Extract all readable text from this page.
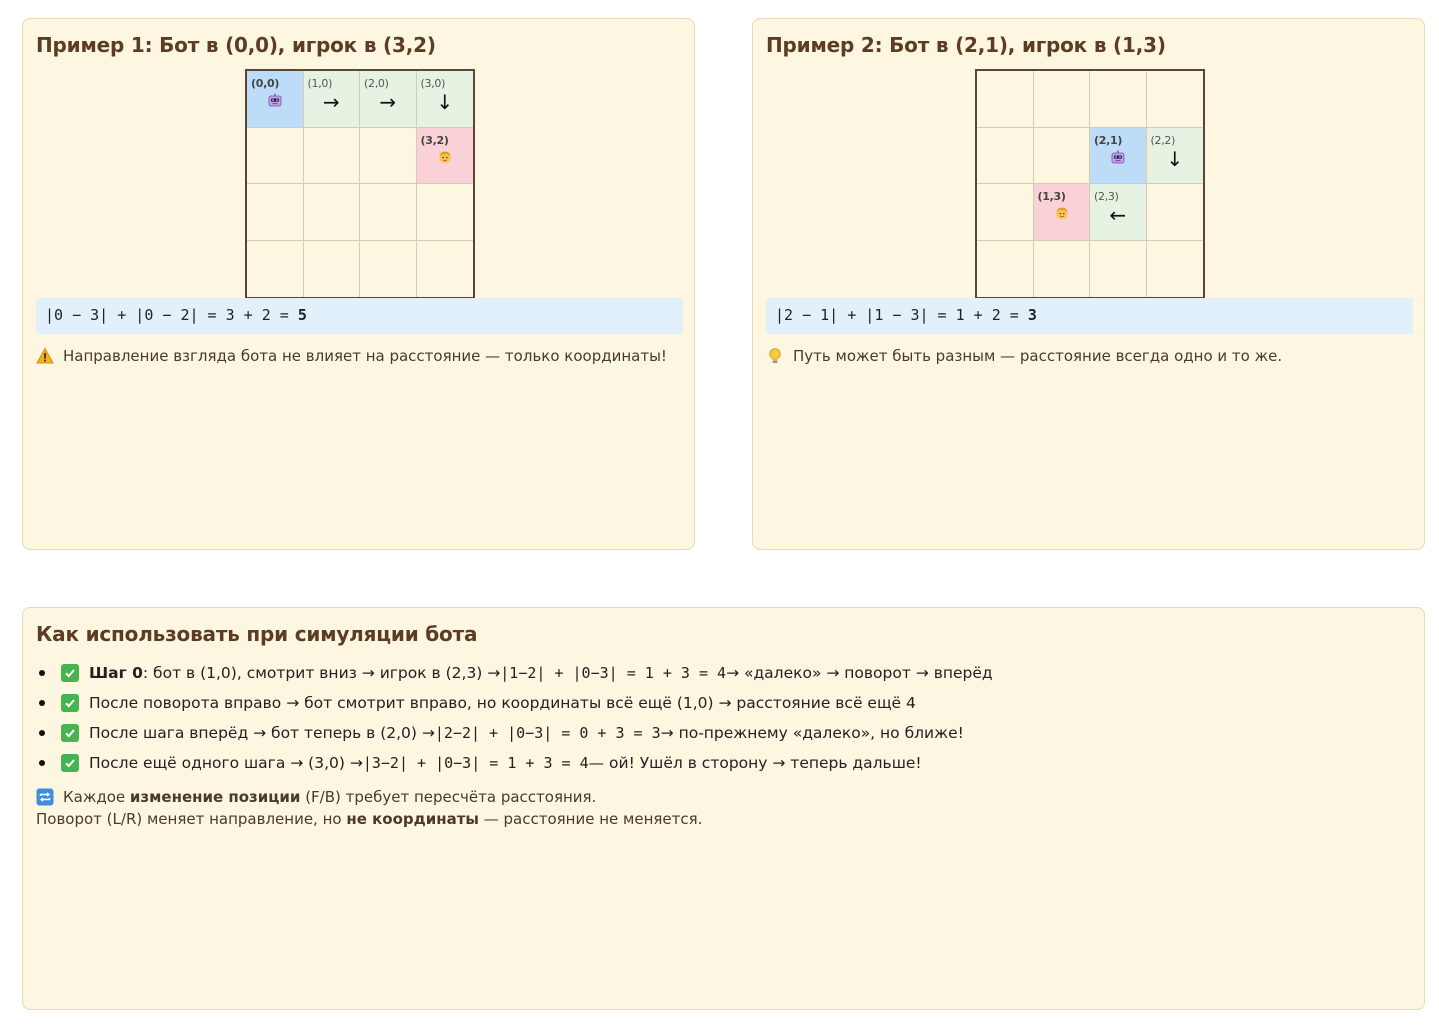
Пример 1: Бот в (0,0), игрок в (3,2)
(0,0)	(1,0)
→
(2,0)
→
(3,0)
↓
(3,2)
|0 − 3| + |0 − 2| = 3 + 2 = 5
Направление взгляда бота не влияет на расстояние — только координаты!
Пример 2: Бот в (2,1), игрок в (1,3)
(2,1)	(2,2)
↓
(1,3)	(2,3)
←
|2 − 1| + |1 − 3| = 1 + 2 = 3
Путь может быть разным — расстояние всегда одно и то же.
Как использовать при симуляции бота
Шаг 0 : бот в (1,0), смотрит вниз → игрок в (2,3) → |1−2| + |0−3| = 1 + 3 = 4 → «далеко» → поворот → вперёд
После поворота вправо → бот смотрит вправо, но координаты всё ещё (1,0) → расстояние всё ещё 4
После шага вперёд → бот теперь в (2,0) → |2−2| + |0−3| = 0 + 3 = 3 → по-прежнему «далеко», но ближе!
После ещё одного шага → (3,0) → |3−2| + |0−3| = 1 + 3 = 4 — ой! Ушёл в сторону → теперь дальше!
Каждое
изменение позиции (F/B) требует пересчёта расстояния.
Поворот (L/R) меняет направление, но не координаты — расстояние не меняется.
